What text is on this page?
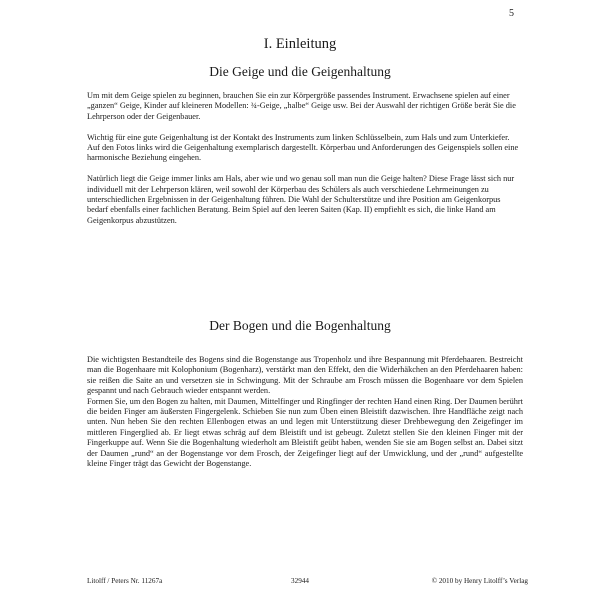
5
I. Einleitung
Die Geige und die Geigenhaltung

Um mit dem Geige spielen zu beginnen, brauchen Sie ein zur Körpergröße passendes Instrument. Erwachsene spielen auf einer „ganzen“ Geige, Kinder auf kleineren Modellen: ¾-Geige, „halbe“ Geige usw. Bei der Auswahl der richtigen Größe berät Sie die Lehrperson oder der Geigenbauer.

Wichtig für eine gute Geigenhaltung ist der Kontakt des Instruments zum linken Schlüsselbein, zum Hals und zum Unterkiefer. Auf den Fotos links wird die Geigenhaltung exemplarisch dargestellt. Körperbau und Anforderungen des Geigenspiels sollen eine harmonische Beziehung eingehen.

Natürlich liegt die Geige immer links am Hals, aber wie und wo genau soll man nun die Geige halten? Diese Frage lässt sich nur individuell mit der Lehrperson klären, weil sowohl der Körperbau des Schülers als auch verschiedene Lehrmeinungen zu unterschiedlichen Ergebnissen in der Geigenhaltung führen. Die Wahl der Schulterstütze und ihre Position am Geigenkorpus bedarf ebenfalls einer fachlichen Beratung. Beim Spiel auf den leeren Saiten (Kap. II) empfiehlt es sich, die linke Hand am Geigenkorpus abzustützen.

Der Bogen und die Bogenhaltung

Die wichtigsten Bestandteile des Bogens sind die Bogenstange aus Tropenholz und ihre Bespannung mit Pferdehaaren. Bestreicht man die Bogenhaare mit Kolophonium (Bogenharz), verstärkt man den Effekt, den die Widerhäkchen an den Pferdehaaren haben: sie reißen die Saite an und versetzen sie in Schwingung. Mit der Schraube am Frosch müssen die Bogenhaare vor dem Spielen gespannt und nach Gebrauch wieder entspannt werden.
Formen Sie, um den Bogen zu halten, mit Daumen, Mittelfinger und Ringfinger der rechten Hand einen Ring. Der Daumen berührt die beiden Finger am äußersten Fingergelenk. Schieben Sie nun zum Üben einen Bleistift dazwischen. Ihre Handfläche zeigt nach unten. Nun heben Sie den rechten Ellenbogen etwas an und legen mit Unterstützung dieser Drehbewegung den Zeigefinger im mittleren Fingerglied ab. Er liegt etwas schräg auf dem Bleistift und ist gebeugt. Zuletzt stellen Sie den kleinen Finger mit der Fingerkuppe auf. Wenn Sie die Bogenhaltung wiederholt am Bleistift geübt haben, wenden Sie sie am Bogen selbst an. Dabei sitzt der Daumen „rund“ an der Bogenstange vor dem Frosch, der Zeigefinger liegt auf der Umwicklung, und der „rund“ aufgestellte kleine Finger trägt das Gewicht der Bogenstange.

Litolff / Peters Nr. 11267a	32944	© 2010 by Henry Litolff’s Verlag
